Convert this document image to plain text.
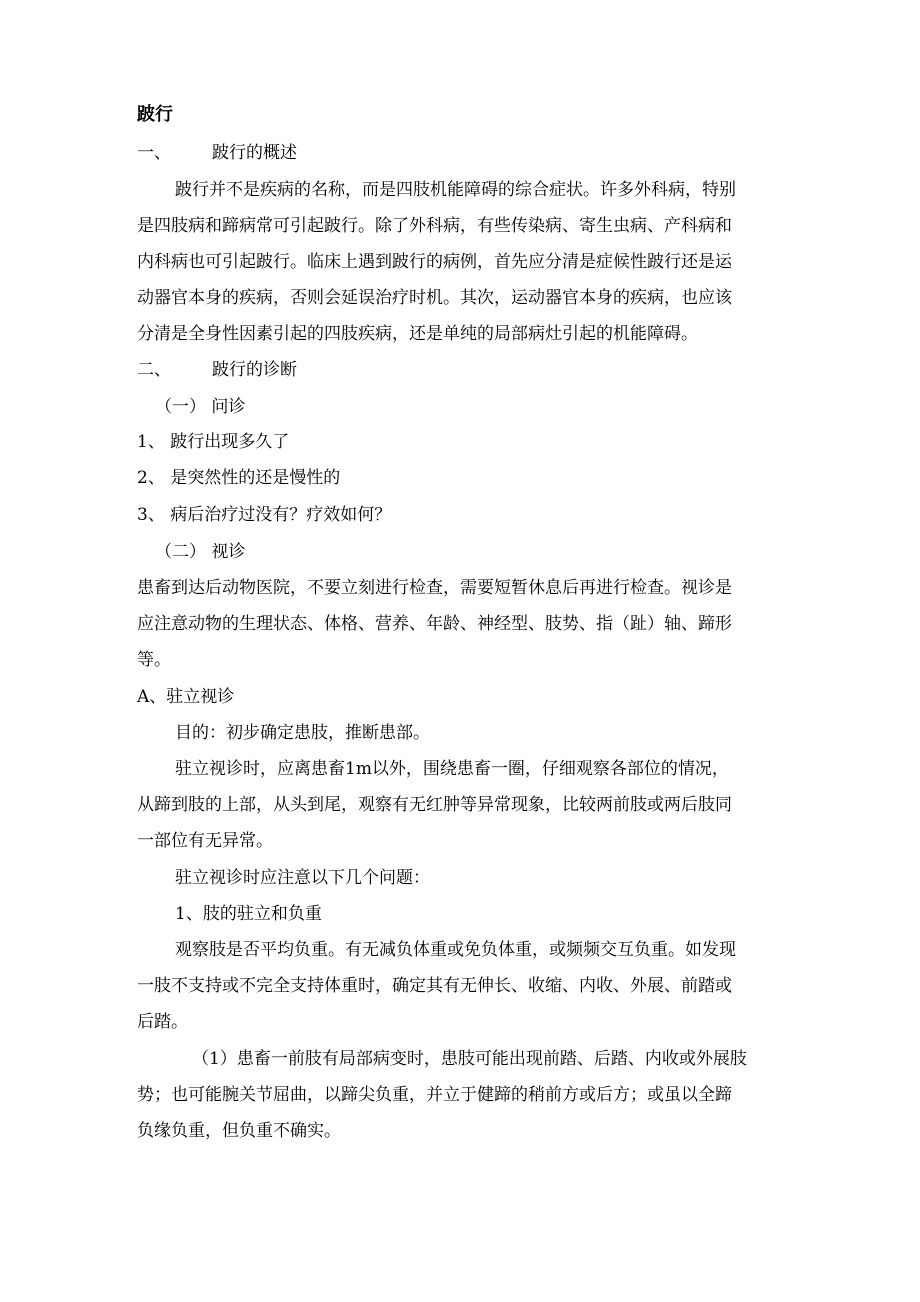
跛行
一、 跛行的概述
跛行并不是疾病的名称，而是四肢机能障碍的综合症状。许多外科病，特别
是四肢病和蹄病常可引起跛行。除了外科病，有些传染病、寄生虫病、产科病和
内科病也可引起跛行。临床上遇到跛行的病例，首先应分清是症候性跛行还是运
动器官本身的疾病，否则会延误治疗时机。其次，运动器官本身的疾病，也应该
分清是全身性因素引起的四肢疾病，还是单纯的局部病灶引起的机能障碍。
二、 跛行的诊断
（一） 问诊
1、 跛行出现多久了
2、 是突然性的还是慢性的
3、 病后治疗过没有？疗效如何？
（二） 视诊
患畜到达后动物医院，不要立刻进行检查，需要短暂休息后再进行检查。视诊是
应注意动物的生理状态、体格、营养、年龄、神经型、肢势、指（趾）轴、蹄形
等。
A、驻立视诊
目的：初步确定患肢，推断患部。
驻立视诊时，应离患畜1m以外，围绕患畜一圈，仔细观察各部位的情况，
从蹄到肢的上部，从头到尾，观察有无红肿等异常现象，比较两前肢或两后肢同
一部位有无异常。
驻立视诊时应注意以下几个问题：
1、肢的驻立和负重
观察肢是否平均负重。有无减负体重或免负体重，或频频交互负重。如发现
一肢不支持或不完全支持体重时，确定其有无伸长、收缩、内收、外展、前踏或
后踏。
（1）患畜一前肢有局部病变时，患肢可能出现前踏、后踏、内收或外展肢
势；也可能腕关节屈曲，以蹄尖负重，并立于健蹄的稍前方或后方；或虽以全蹄
负缘负重，但负重不确实。
